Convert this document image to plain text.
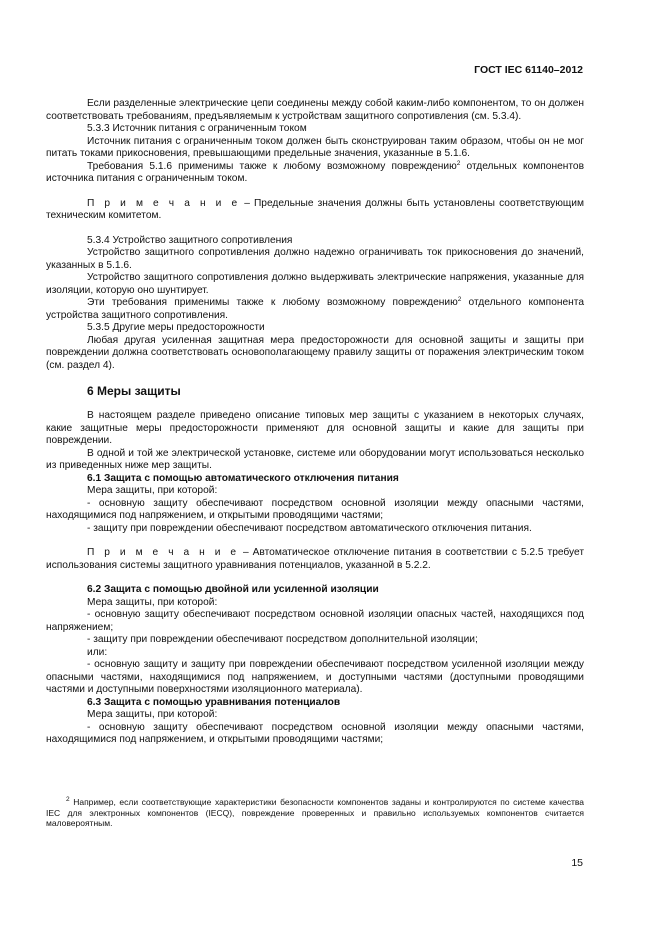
ГОСТ IEC 61140–2012

Если разделенные электрические цепи соединены между собой каким-либо компонентом, то он должен соответствовать требованиям, предъявляемым к устройствам защитного сопротивления (см. 5.3.4).

5.3.3 Источник питания с ограниченным током

Источник питания с ограниченным током должен быть сконструирован таким образом, чтобы он не мог питать токами прикосновения, превышающими предельные значения, указанные в 5.1.6.

Требования 5.1.6 применимы также к любому возможному повреждению$^2$ отдельных компонентов источника питания с ограниченным током.

П р и м е ч а н и е – Предельные значения должны быть установлены соответствующим техническим комитетом.

5.3.4 Устройство защитного сопротивления

Устройство защитного сопротивления должно надежно ограничивать ток прикосновения до значений, указанных в 5.1.6.

Устройство защитного сопротивления должно выдерживать электрические напряжения, указанные для изоляции, которую оно шунтирует.

Эти требования применимы также к любому возможному повреждению$^2$ отдельного компонента устройства защитного сопротивления.

5.3.5 Другие меры предосторожности

Любая другая усиленная защитная мера предосторожности для основной защиты и защиты при повреждении должна соответствовать основополагающему правилу защиты от поражения электрическим током (см. раздел 4).

6 Меры защиты

В настоящем разделе приведено описание типовых мер защиты с указанием в некоторых случаях, какие защитные меры предосторожности применяют для основной защиты и какие для защиты при повреждении.

В одной и той же электрической установке, системе или оборудовании могут использоваться несколько из приведенных ниже мер защиты.

6.1 Защита с помощью автоматического отключения питания

Мера защиты, при которой:

- основную защиту обеспечивают посредством основной изоляции между опасными частями, находящимися под напряжением, и открытыми проводящими частями;

- защиту при повреждении обеспечивают посредством автоматического отключения питания.

П р и м е ч а н и е – Автоматическое отключение питания в соответствии с 5.2.5 требует использования системы защитного уравнивания потенциалов, указанной в 5.2.2.

6.2 Защита с помощью двойной или усиленной изоляции

Мера защиты, при которой:

- основную защиту обеспечивают посредством основной изоляции опасных частей, находящихся под напряжением;

- защиту при повреждении обеспечивают посредством дополнительной изоляции;

или:

- основную защиту и защиту при повреждении обеспечивают посредством усиленной изоляции между опасными частями, находящимися под напряжением, и доступными частями (доступными проводящими частями и доступными поверхностями изоляционного материала).

6.3 Защита с помощью уравнивания потенциалов

Мера защиты, при которой:

- основную защиту обеспечивают посредством основной изоляции между опасными частями, находящимися под напряжением, и открытыми проводящими частями;

$^2$ Например, если соответствующие характеристики безопасности компонентов заданы и контролируются по системе качества IEC для электронных компонентов (IECQ), повреждение проверенных и правильно используемых компонентов считается маловероятным.
15
